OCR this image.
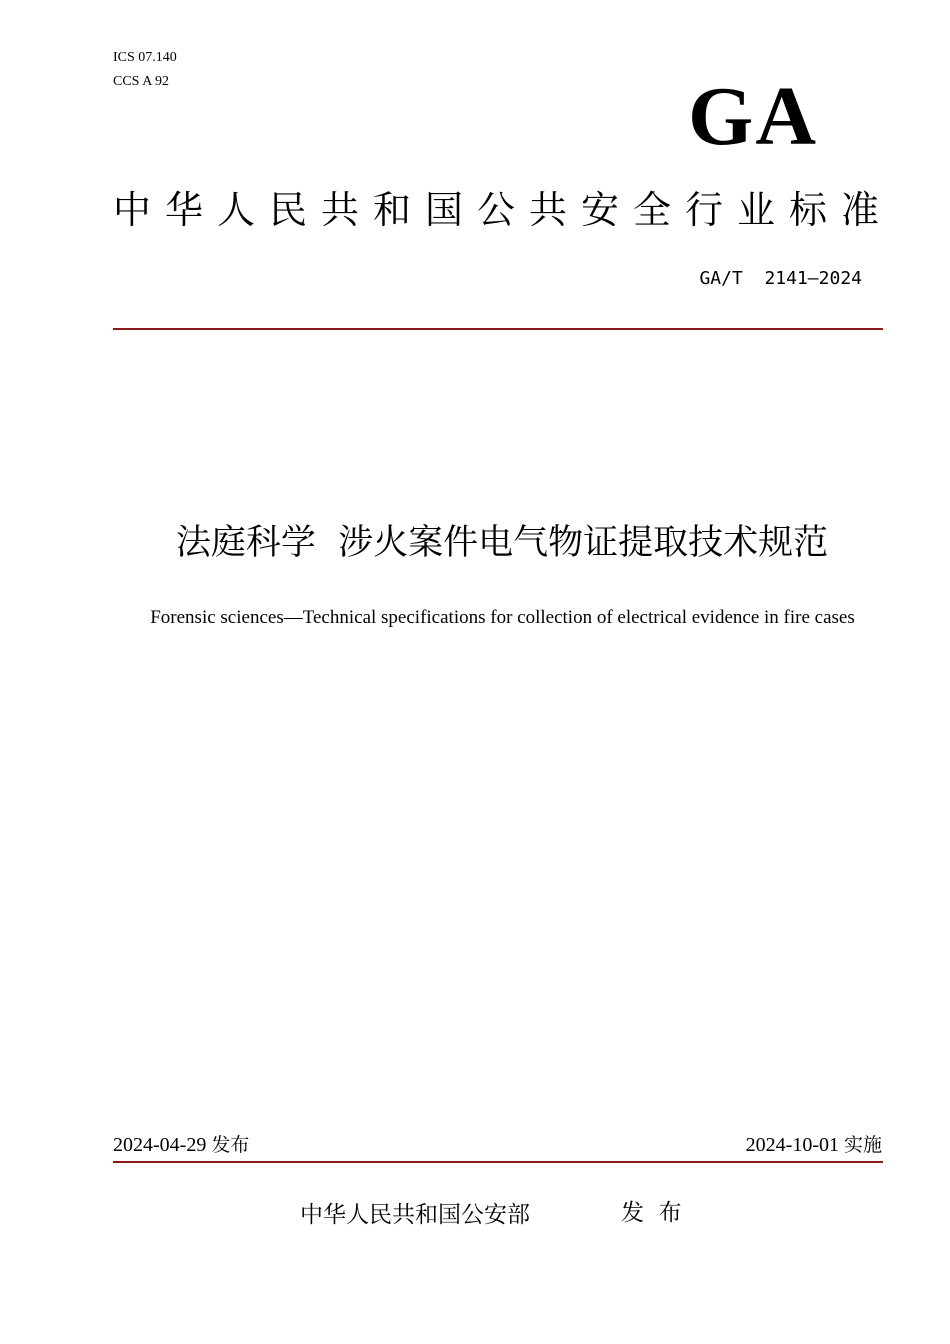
ICS 07.140
CCS A 92	GA
中华人民共和国公共安全行业标准
GA/T  2141—2024
法庭科学  涉火案件电气物证提取技术规范
Forensic sciences—Technical specifications for collection of electrical evidence in fire cases
2024-04-29 发布	2024-10-01 实施
中华人民共和国公安部	发  布
